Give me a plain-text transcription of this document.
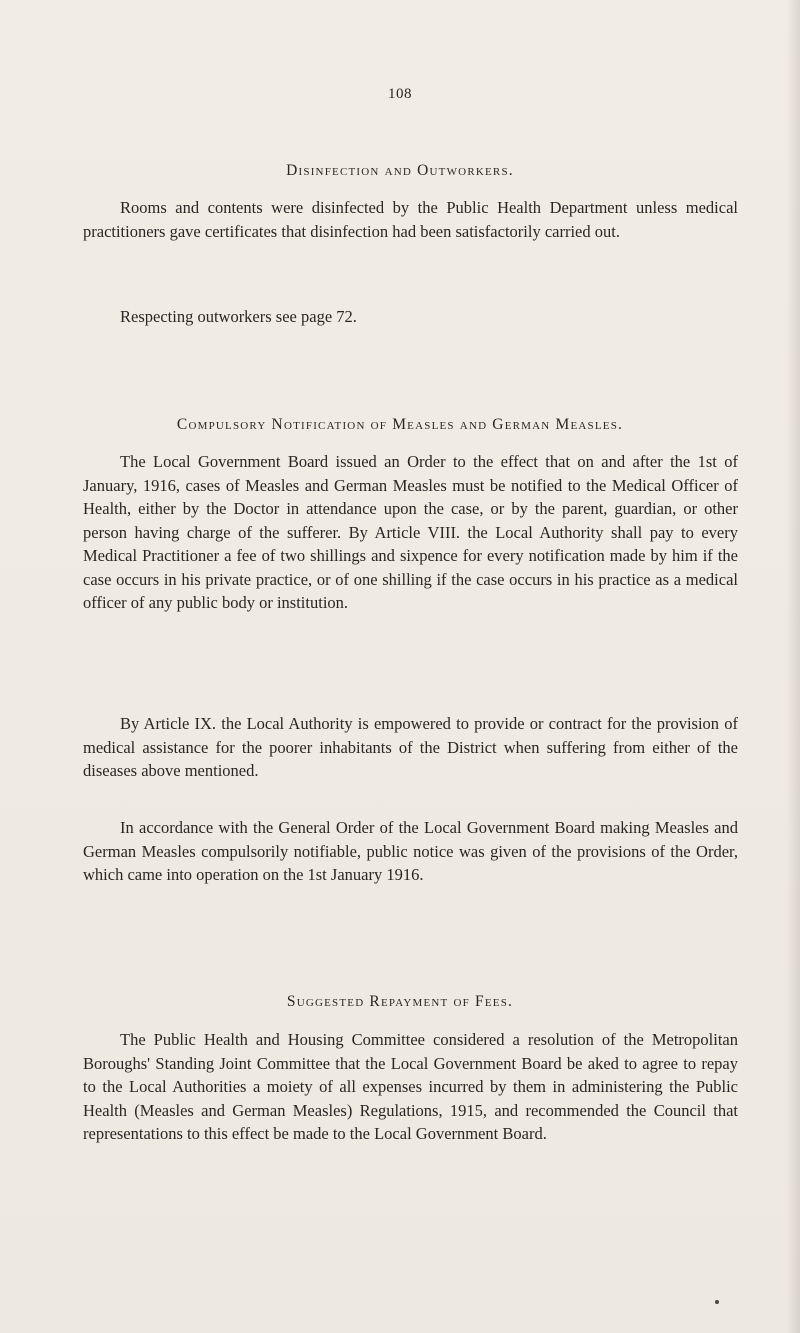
108
Disinfection and Outworkers.

Rooms and contents were disinfected by the Public Health Department unless medical practitioners gave certificates that disinfection had been satisfactorily carried out.

Respecting outworkers see page 72.

Compulsory Notification of Measles and German Measles.

The Local Government Board issued an Order to the effect that on and after the 1st of January, 1916, cases of Measles and German Measles must be notified to the Medical Officer of Health, either by the Doctor in attendance upon the case, or by the parent, guardian, or other person having charge of the sufferer. By Article VIII. the Local Authority shall pay to every Medical Practitioner a fee of two shillings and sixpence for every notification made by him if the case occurs in his private practice, or of one shilling if the case occurs in his practice as a medical officer of any public body or institution.

By Article IX. the Local Authority is empowered to provide or contract for the provision of medical assistance for the poorer inhabitants of the District when suffering from either of the diseases above mentioned.

In accordance with the General Order of the Local Government Board making Measles and German Measles compulsorily notifiable, public notice was given of the provisions of the Order, which came into operation on the 1st January 1916.

Suggested Repayment of Fees.

The Public Health and Housing Committee considered a resolution of the Metropolitan Boroughs' Standing Joint Committee that the Local Government Board be aked to agree to repay to the Local Authorities a moiety of all expenses incurred by them in administering the Public Health (Measles and German Measles) Regulations, 1915, and recommended the Council that representations to this effect be made to the Local Government Board.
